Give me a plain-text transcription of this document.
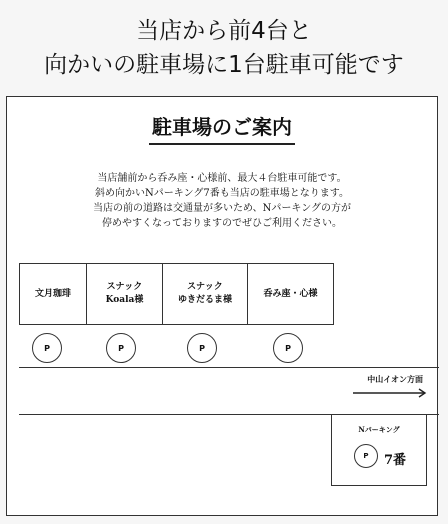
当店から前4台と
向かいの駐車場に1台駐車可能です
駐車場のご案内
当店舗前から呑み座・心様前、最大４台駐車可能です。
斜め向かいNパーキング7番も当店の駐車場となります。
当店の前の道路は交通量が多いため、Nパーキングの方が
停めやすくなっておりますのでぜひご利用ください。
文月珈琲
スナック
Koala様
スナック
ゆきだるま様
呑み座・心様
P	P	P	P
中山イオン方面
Nパーキング
P	7番
